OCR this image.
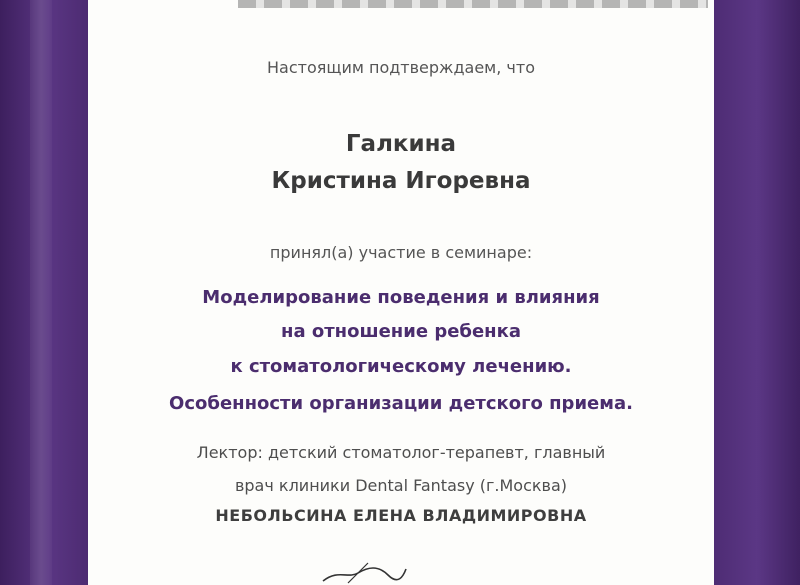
Настоящим подтверждаем, что
Галкина
Кристина Игоревна
принял(а) участие в семинаре:
Моделирование поведения и влияния
на отношение ребенка
к стоматологическому лечению.
Особенности организации детского приема.
Лектор: детский стоматолог-терапевт, главный
врач клиники Dental Fantasy (г.Москва)
НЕБОЛЬСИНА ЕЛЕНА ВЛАДИМИРОВНА
